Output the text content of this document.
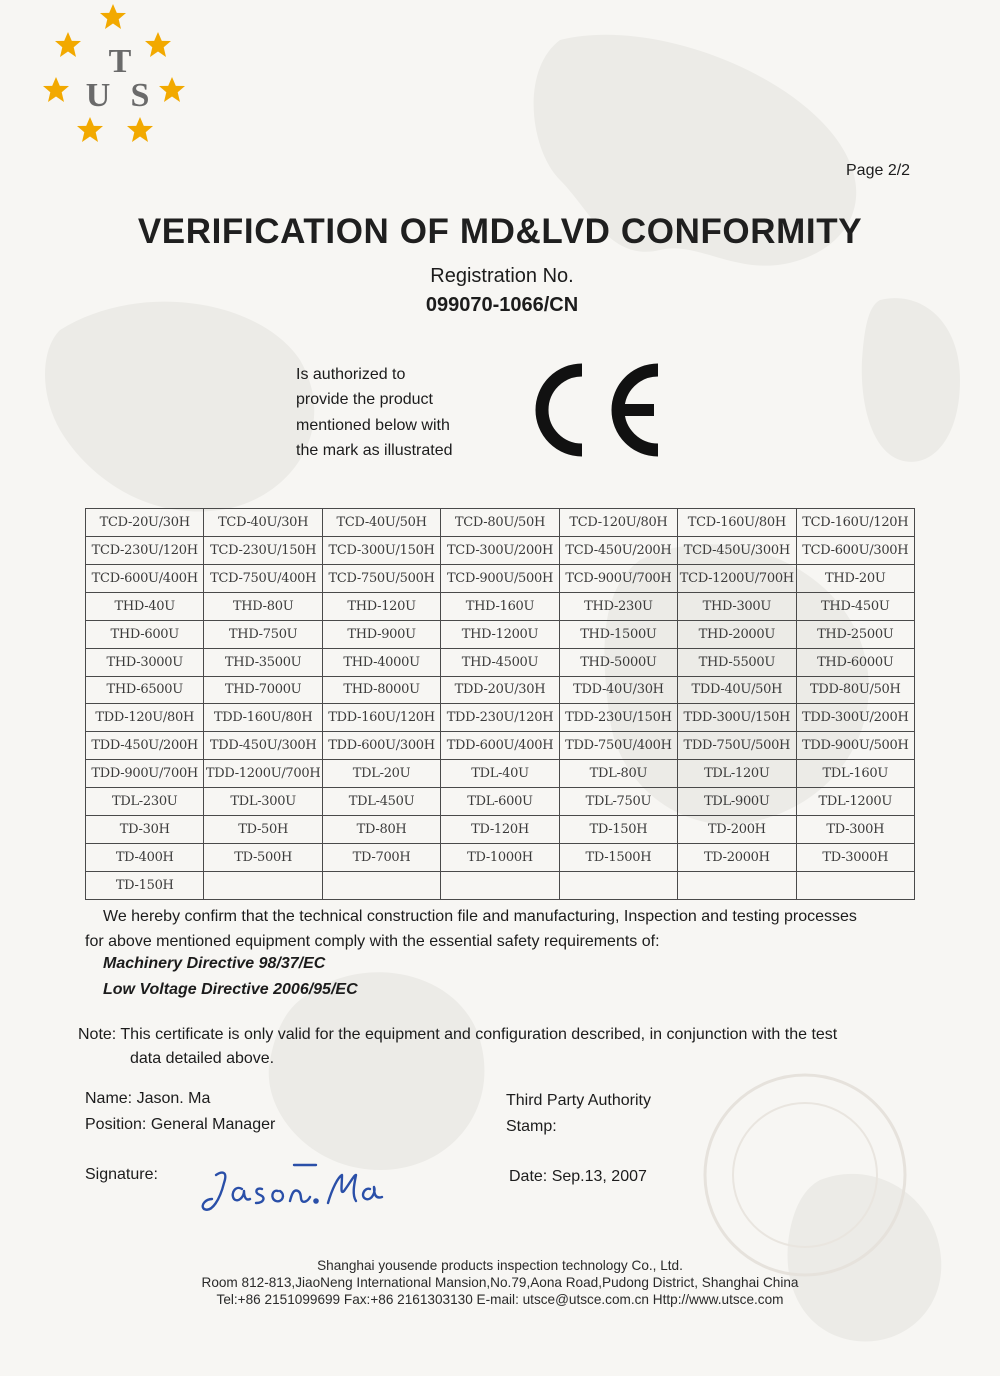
T
U S
Page 2/2
VERIFICATION OF MD&LVD CONFORMITY
Registration No.
099070-1066/CN
Is authorized to
provide the product
mentioned below with
the mark as illustrated
TCD-20U/30H	TCD-40U/30H	TCD-40U/50H	TCD-80U/50H	TCD-120U/80H	TCD-160U/80H	TCD-160U/120H
TCD-230U/120H	TCD-230U/150H	TCD-300U/150H	TCD-300U/200H	TCD-450U/200H	TCD-450U/300H	TCD-600U/300H
TCD-600U/400H	TCD-750U/400H	TCD-750U/500H	TCD-900U/500H	TCD-900U/700H	TCD-1200U/700H	THD-20U
THD-40U	THD-80U	THD-120U	THD-160U	THD-230U	THD-300U	THD-450U
THD-600U	THD-750U	THD-900U	THD-1200U	THD-1500U	THD-2000U	THD-2500U
THD-3000U	THD-3500U	THD-4000U	THD-4500U	THD-5000U	THD-5500U	THD-6000U
THD-6500U	THD-7000U	THD-8000U	TDD-20U/30H	TDD-40U/30H	TDD-40U/50H	TDD-80U/50H
TDD-120U/80H	TDD-160U/80H	TDD-160U/120H	TDD-230U/120H	TDD-230U/150H	TDD-300U/150H	TDD-300U/200H
TDD-450U/200H	TDD-450U/300H	TDD-600U/300H	TDD-600U/400H	TDD-750U/400H	TDD-750U/500H	TDD-900U/500H
TDD-900U/700H	TDD-1200U/700H	TDL-20U	TDL-40U	TDL-80U	TDL-120U	TDL-160U
TDL-230U	TDL-300U	TDL-450U	TDL-600U	TDL-750U	TDL-900U	TDL-1200U
TD-30H	TD-50H	TD-80H	TD-120H	TD-150H	TD-200H	TD-300H
TD-400H	TD-500H	TD-700H	TD-1000H	TD-1500H	TD-2000H	TD-3000H
TD-150H						
We hereby confirm that the technical construction file and manufacturing, Inspection and testing processes
for above mentioned equipment comply with the essential safety requirements of:
Machinery Directive 98/37/EC
Low Voltage Directive 2006/95/EC
Note: This certificate is only valid for the equipment and configuration described, in conjunction with the test
data detailed above.
Name: Jason. Ma
Position: General Manager
Signature:
Third Party Authority
Stamp:
Date: Sep.13, 2007
Shanghai yousende products inspection technology Co., Ltd.
Room 812-813,JiaoNeng International Mansion,No.79,Aona Road,Pudong District, Shanghai China
Tel:+86 2151099699 Fax:+86 2161303130 E-mail: utsce@utsce.com.cn Http://www.utsce.com
